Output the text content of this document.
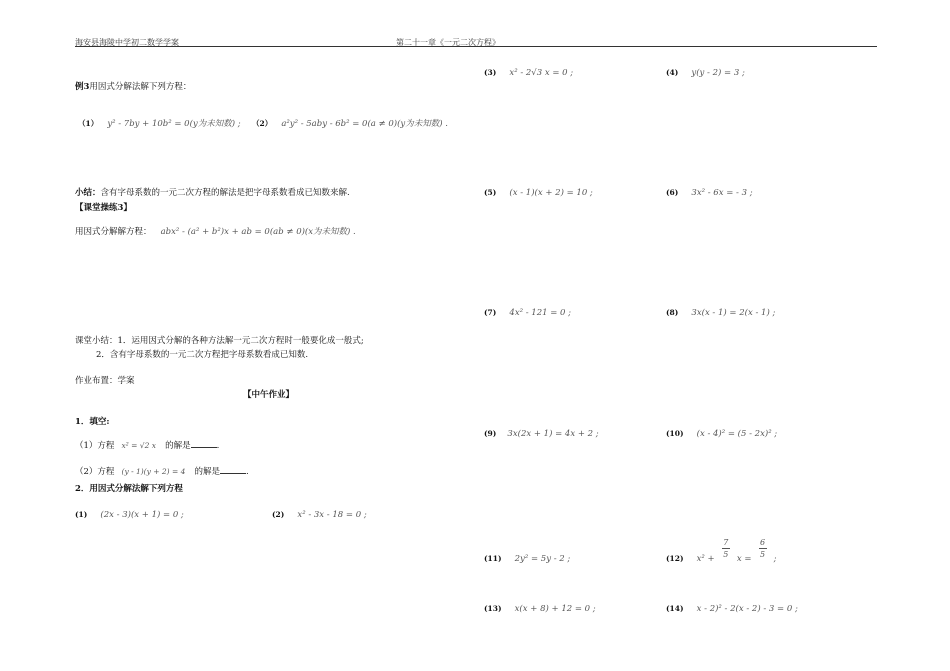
海安县海陵中学初二数学学案	第二十一章《一元二次方程》
例3用因式分解法解下列方程：
（1） y² - 7by + 10b² = 0(y为未知数) ; （2） a²y² - 5aby - 6b² = 0(a ≠ 0)(y为未知数) .
小结：含有字母系数的一元二次方程的解法是把字母系数看成已知数来解.
【课堂操练3】
用因式分解解方程： abx² - (a² + b²)x + ab = 0(ab ≠ 0)(x为未知数) .
课堂小结：1．运用因式分解的各种方法解一元二次方程时一般要化成一般式;
2．含有字母系数的一元二次方程把字母系数看成已知数.
作业布置：学案
【中午作业】
1．填空:
（1）方程 x² = √2 x 的解是	.
（2）方程 (y - 1)(y + 2) = 4 的解是	.
2．用因式分解法解下列方程
(1) (2x - 3)(x + 1) = 0 ;	(2) x² - 3x - 18 = 0 ;
(3) x² - 2√3 x = 0 ;	(4) y(y - 2) = 3 ;
(5) (x - 1)(x + 2) = 10 ;	(6) 3x² - 6x = - 3 ;
(7) 4x² - 121 = 0 ;	(8) 3x(x - 1) = 2(x - 1) ;
(9) 3x(2x + 1) = 4x + 2 ;	(10) (x - 4)² = (5 - 2x)² ;
(11) 2y² = 5y - 2 ;	$_{(12)}$ $_{x^2 +} \frac{7}{5} _{x =} \frac{6}{5} _;$
(13) x(x + 8) + 12 = 0 ;	(14) x - 2)² - 2(x - 2) - 3 = 0 ;
